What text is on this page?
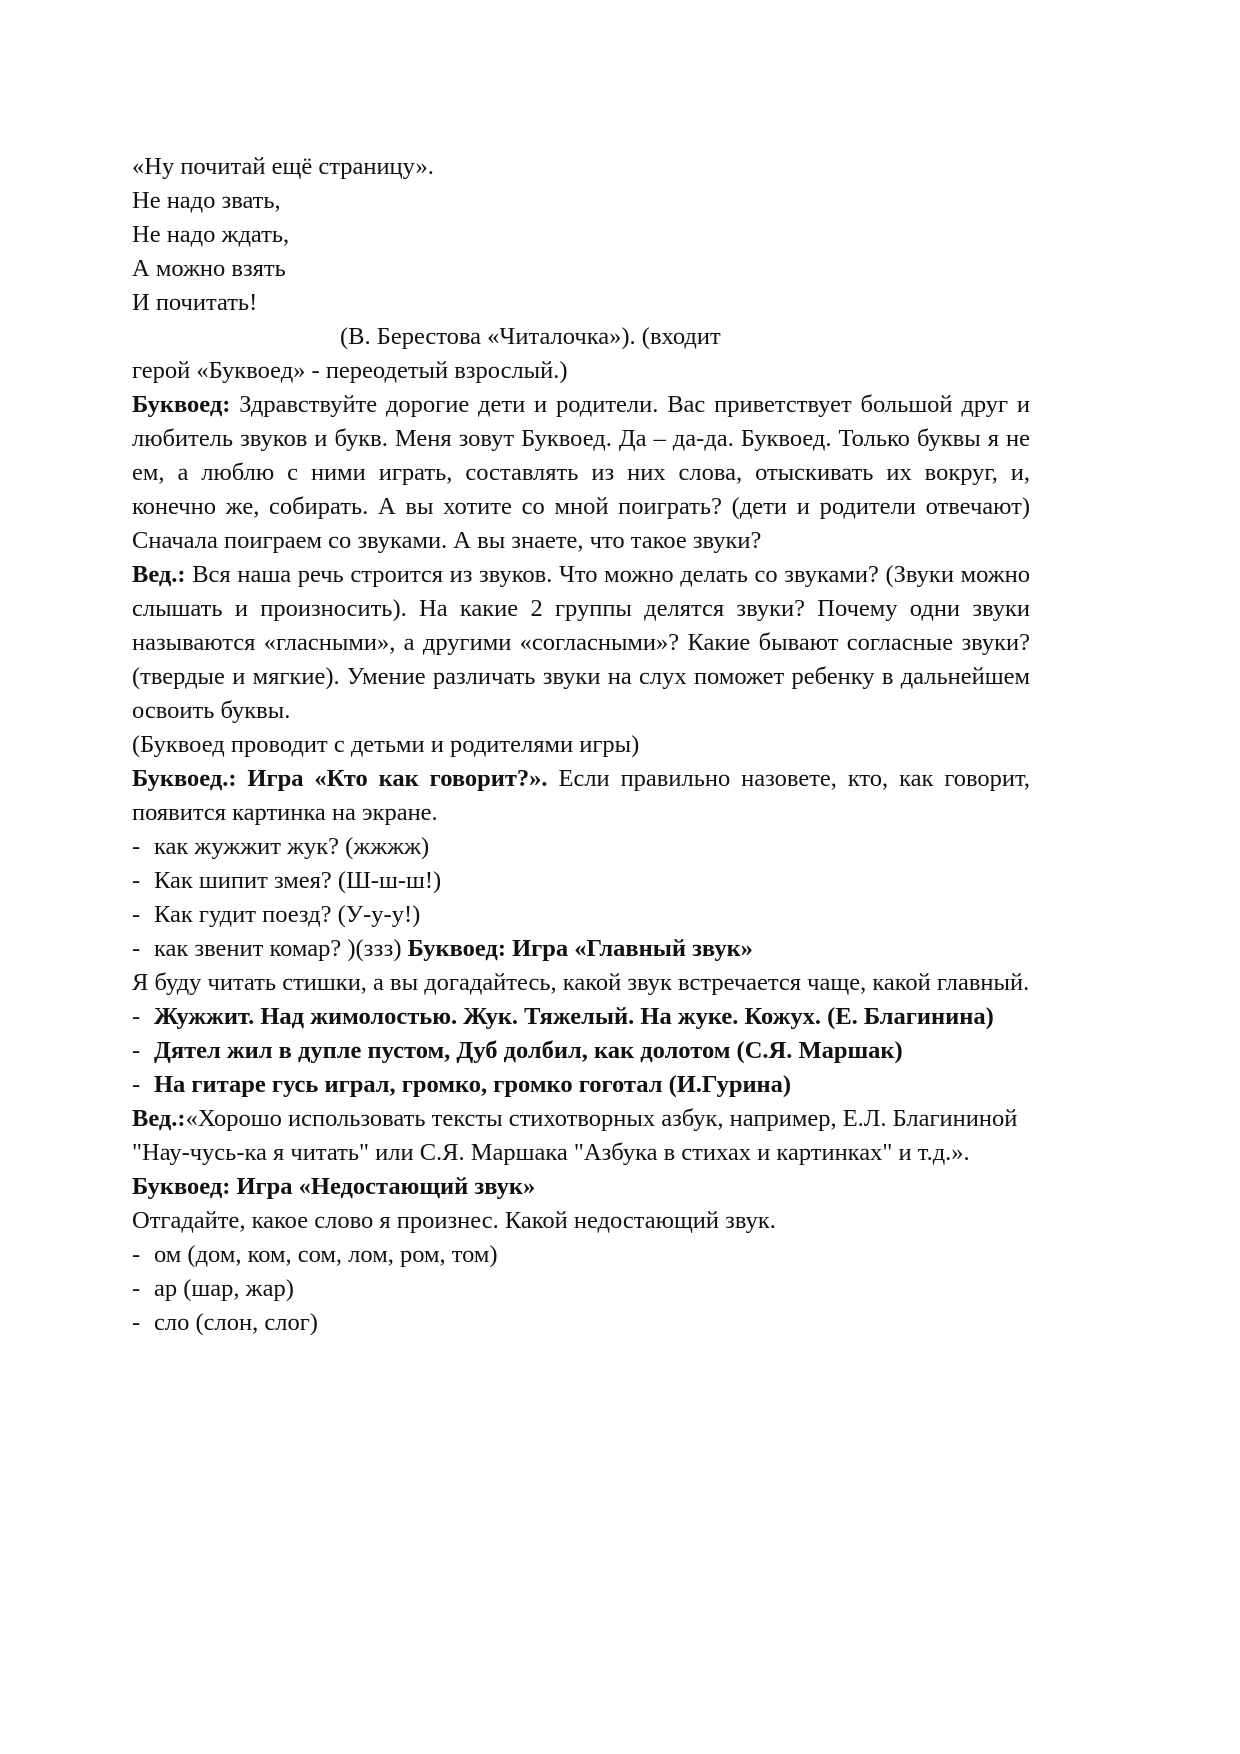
«Ну почитай ещё страницу».
Не надо звать,
Не надо ждать,
А можно взять
И почитать!
(В. Берестова «Читалочка»). (входит
герой «Буквоед» - переодетый взрослый.)

Буквоед: Здравствуйте дорогие дети и родители. Вас приветствует большой друг и любитель звуков и букв. Меня зовут Буквоед. Да – да-да. Буквоед. Только буквы я не ем, а люблю с ними играть, составлять из них слова, отыскивать их вокруг, и, конечно же, собирать. А вы хотите со мной поиграть? (дети и родители отвечают) Сначала поиграем со звуками. А вы знаете, что такое звуки?

Вед.: Вся наша речь строится из звуков. Что можно делать со звуками? (Звуки можно слышать и произносить). На какие 2 группы делятся звуки? Почему одни звуки называются «гласными», а другими «согласными»? Какие бывают согласные звуки? (твердые и мягкие). Умение различать звуки на слух поможет ребенку в дальнейшем освоить буквы.

(Буквоед проводит с детьми и родителями игры)

Буквоед.: Игра «Кто как говорит?». Если правильно назовете, кто, как говорит, появится картинка на экране.

- как жужжит жук? (жжжж)
- Как шипит змея? (Ш-ш-ш!)
- Как гудит поезд? (У-у-у!)
- как звенит комар? )(ззз) Буквоед: Игра «Главный звук»

Я буду читать стишки, а вы догадайтесь, какой звук встречается чаще, какой главный.

- Жужжит. Над жимолостью. Жук. Тяжелый. На жуке. Кожух. (Е. Благинина)
- Дятел жил в дупле пустом, Дуб долбил, как долотом (С.Я. Маршак)
- На гитаре гусь играл, громко, громко гоготал (И.Гурина)

Вед.:«Хорошо использовать тексты стихотворных азбук, например, Е.Л. Благининой "Нау-чусь-ка я читать" или С.Я. Маршака "Азбука в стихах и картинках" и т.д.».

Буквоед: Игра «Недостающий звук»
Отгадайте, какое слово я произнес. Какой недостающий звук.
- ом (дом, ком, сом, лом, ром, том)
- ар (шар, жар)
- сло (слон, слог)
